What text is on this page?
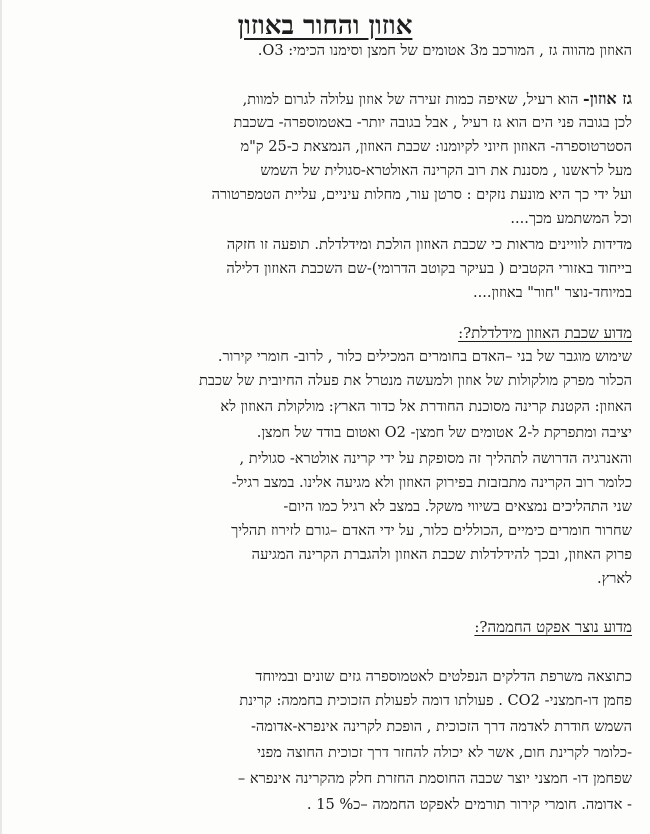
אוזון והחור באוזון
האוזון מהווה גז , המורכב מ3 אטומים של חמצן וסימנו הכימי: O3.
גז אוזון- הוא רעיל, שאיפה כמות זעירה של אוזון עלולה לגרום למוות,
לכן בגובה פני הים הוא גז רעיל , אבל בגובה יותר- באטמוספרה- בשכבת
הסטרטוספרה- האוזון חיוני לקיומנו: שכבת האוזון, הנמצאת כ-25 ק"מ
מעל לראשנו , מסננת את רוב הקרינה האולטרא-סגולית של השמש
ועל ידי כך היא מונעת נזקים : סרטן עור, מחלות עיניים, עליית הטמפרטורה
וכל המשתמע מכך....
מדידות לוויינים מראות כי שכבת האוזון הולכת ומידלדלת. תופעה זו חזקה
בייחוד באזורי הקטבים ( בעיקר בקוטב הדרומי)-שם השכבת האוזון דלילה
במיוחד-נוצר "חור" באוזון....
מדוע שכבת האוזון מידלדלת?:
שימוש מוגבר של בני –האדם בחומרים המכילים כלור , לרוב- חומרי קירור.
הכלור מפרק מולקולות של אוזון ולמעשה מנטרל את פעלה החיובית של שכבת
האוזון: הקטנת קרינה מסוכנת החודרת אל כדור הארץ: מולקולת האוזון לא
יציבה ומתפרקת ל-2 אטומים של חמצן- O2 ואטום בודד של חמצן.
והאנרגיה הדרושה לתהליך זה מסופקת על ידי קרינה אולטרא- סגולית ,
כלומר רוב הקרינה מתבזבזת בפירוק האוזון ולא מגיעה אלינו. במצב רגיל-
שני התהליכים נמצאים בשיווי משקל. במצב לא רגיל כמו היום-
שחרור חומרים כימיים ,הכוללים כלור, על ידי האדם –גורם לזירוז תהליך
פרוק האוזון, ובכך להידלדלות שכבת האוזון ולהגברת הקרינה המגיעה
לארץ.
מדוע נוצר אפקט החממה?:
כתוצאה משרפת הדלקים הנפלטים לאטמוספרה גזים שונים ובמיוחד
פחמן דו-חמצני- CO2 . פעולתו דומה לפעולת הזכוכית בחממה: קרינת
השמש חודרת לאדמה דרך הזכוכית , הופכת לקרינה אינפרא-אדומה-
-כלומר לקרינת חום, אשר לא יכולה להחזר דרך זכוכית החוצה מפני
שפחמן דו- חמצני יוצר שכבה החוסמת החזרת חלק מהקרינה אינפרא –
- אדומה. חומרי קירור תורמים לאפקט החממה –כ% 15 .
